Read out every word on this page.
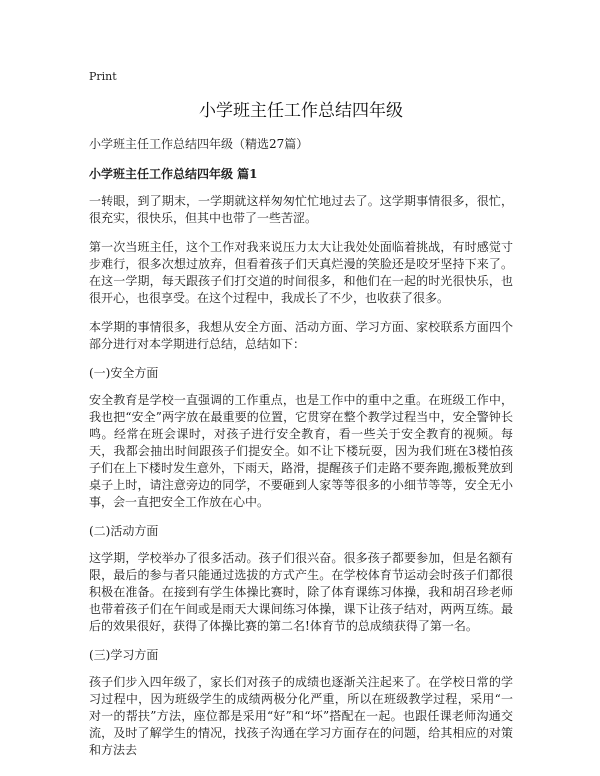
Print
小学班主任工作总结四年级
小学班主任工作总结四年级（精选27篇）
小学班主任工作总结四年级 篇1

一转眼，到了期末，一学期就这样匆匆忙忙地过去了。这学期事情很多，很忙，很充实，很快乐，但其中也带了一些苦涩。

第一次当班主任，这个工作对我来说压力太大让我处处面临着挑战，有时感觉寸步难行，很多次想过放弃，但看着孩子们天真烂漫的笑脸还是咬牙坚持下来了。在这一学期，每天跟孩子们打交道的时间很多，和他们在一起的时光很快乐，也很开心，也很享受。在这个过程中，我成长了不少，也收获了很多。

本学期的事情很多，我想从安全方面、活动方面、学习方面、家校联系方面四个部分进行对本学期进行总结，总结如下：

(一)安全方面

安全教育是学校一直强调的工作重点，也是工作中的重中之重。在班级工作中，我也把“安全”两字放在最重要的位置，它贯穿在整个教学过程当中，安全警钟长鸣。经常在班会课时，对孩子进行安全教育，看一些关于安全教育的视频。每天，我都会抽出时间跟孩子们提安全。如不让下楼玩耍，因为我们班在3楼怕孩子们在上下楼时发生意外，下雨天，路滑，提醒孩子们走路不要奔跑,搬板凳放到桌子上时，请注意旁边的同学，不要砸到人家等等很多的小细节等等，安全无小事，会一直把安全工作放在心中。

(二)活动方面

这学期，学校举办了很多活动。孩子们很兴奋。很多孩子都要参加，但是名额有限，最后的参与者只能通过选拔的方式产生。在学校体育节运动会时孩子们都很积极在准备。在接到有学生体操比赛时，除了体育课练习体操，我和胡召珍老师也带着孩子们在午间或是雨天大课间练习体操，课下让孩子结对，两两互练。最后的效果很好，获得了体操比赛的第二名!体育节的总成绩获得了第一名。

(三)学习方面

孩子们步入四年级了，家长们对孩子的成绩也逐渐关注起来了。在学校日常的学习过程中，因为班级学生的成绩两极分化严重，所以在班级教学过程，采用“一对一的帮扶”方法，座位都是采用“好”和“坏”搭配在一起。也跟任课老师沟通交流，及时了解学生的情况，找孩子沟通在学习方面存在的问题，给其相应的对策和方法去
